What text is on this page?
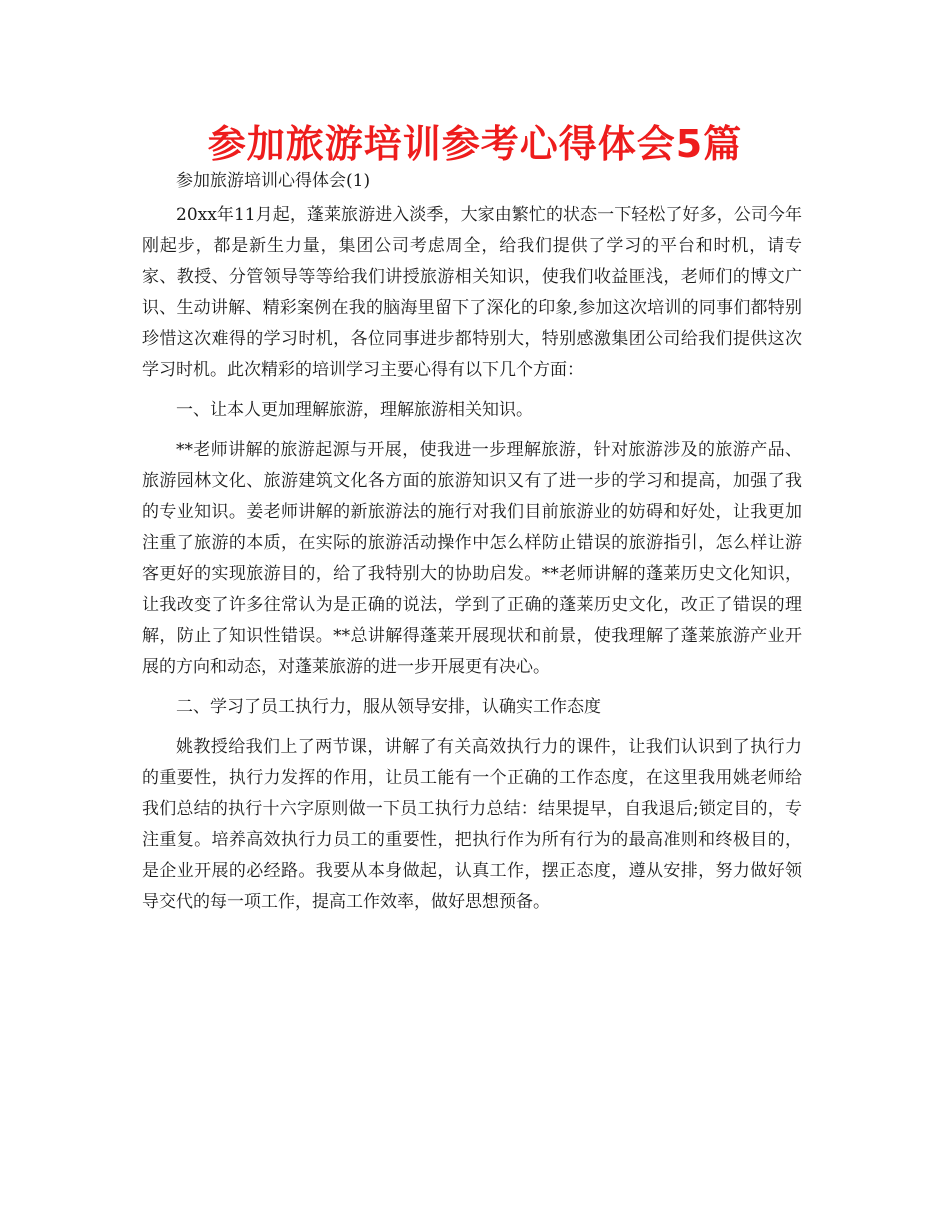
参加旅游培训参考心得体会5篇

参加旅游培训心得体会(1)

20xx年11月起，蓬莱旅游进入淡季，大家由繁忙的状态一下轻松了好多，公司今年刚起步，都是新生力量，集团公司考虑周全，给我们提供了学习的平台和时机，请专家、教授、分管领导等等给我们讲授旅游相关知识，使我们收益匪浅，老师们的博文广识、生动讲解、精彩案例在我的脑海里留下了深化的印象,参加这次培训的同事们都特别珍惜这次难得的学习时机，各位同事进步都特别大，特别感激集团公司给我们提供这次学习时机。此次精彩的培训学习主要心得有以下几个方面：

一、让本人更加理解旅游，理解旅游相关知识。

**老师讲解的旅游起源与开展，使我进一步理解旅游，针对旅游涉及的旅游产品、旅游园林文化、旅游建筑文化各方面的旅游知识又有了进一步的学习和提高，加强了我的专业知识。姜老师讲解的新旅游法的施行对我们目前旅游业的妨碍和好处，让我更加注重了旅游的本质，在实际的旅游活动操作中怎么样防止错误的旅游指引，怎么样让游客更好的实现旅游目的，给了我特别大的协助启发。**老师讲解的蓬莱历史文化知识，让我改变了许多往常认为是正确的说法，学到了正确的蓬莱历史文化，改正了错误的理解，防止了知识性错误。**总讲解得蓬莱开展现状和前景，使我理解了蓬莱旅游产业开展的方向和动态，对蓬莱旅游的进一步开展更有决心。

二、学习了员工执行力，服从领导安排，认确实工作态度

姚教授给我们上了两节课，讲解了有关高效执行力的课件，让我们认识到了执行力的重要性，执行力发挥的作用，让员工能有一个正确的工作态度，在这里我用姚老师给我们总结的执行十六字原则做一下员工执行力总结：结果提早，自我退后;锁定目的，专注重复。培养高效执行力员工的重要性，把执行作为所有行为的最高准则和终极目的，是企业开展的必经路。我要从本身做起，认真工作，摆正态度，遵从安排，努力做好领导交代的每一项工作，提高工作效率，做好思想预备。
